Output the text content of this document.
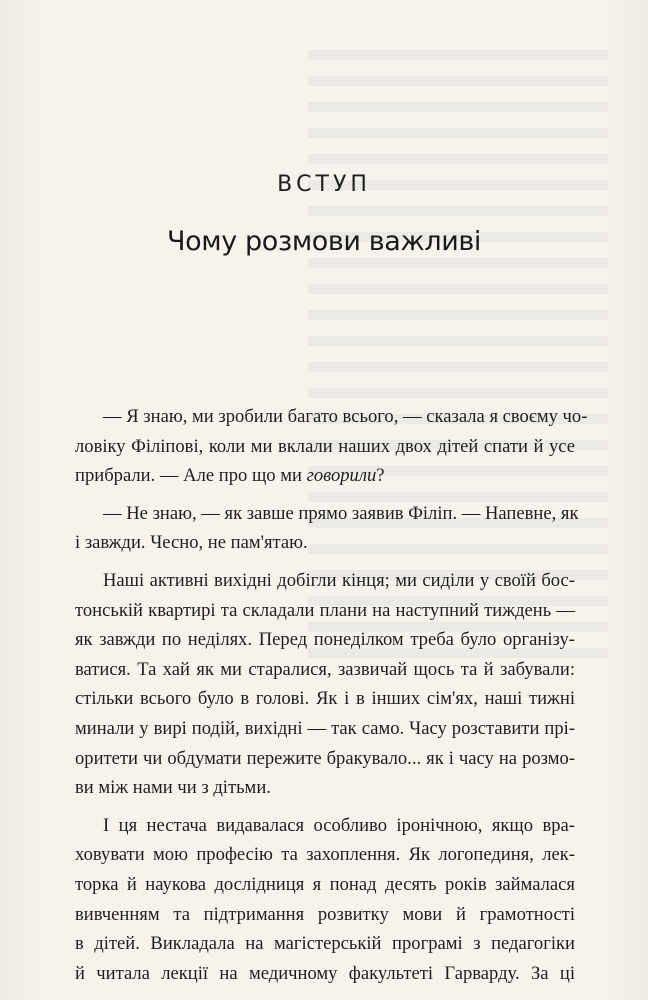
ВСТУП
Чому розмови важливі

— Я знаю, ми зробили багато всього, — сказала я своєму чо-
ловіку Філіпові, коли ми вклали наших двох дітей спати й усе
прибрали. — Але про що ми говорили?

— Не знаю, — як завше прямо заявив Філіп. — Напевне, як
і завжди. Чесно, не пам'ятаю.

Наші активні вихідні добігли кінця; ми сиділи у своїй бос-
тонській квартирі та складали плани на наступний тиждень —
як завжди по неділях. Перед понеділком треба було організу-
ватися. Та хай як ми старалися, зазвичай щось та й забували:
стільки всього було в голові. Як і в інших сім'ях, наші тижні
минали у вирі подій, вихідні — так само. Часу розставити прі-
оритети чи обдумати пережите бракувало... як і часу на розмо-
ви між нами чи з дітьми.

І ця нестача видавалася особливо іронічною, якщо вра-
ховувати мою професію та захоплення. Як логопединя, лек-
торка й наукова дослідниця я понад десять років займалася
вивченням та підтримання розвитку мови й грамотності
в дітей. Викладала на магістерській програмі з педагогіки
й читала лекції на медичному факультеті Гарварду. За ці
